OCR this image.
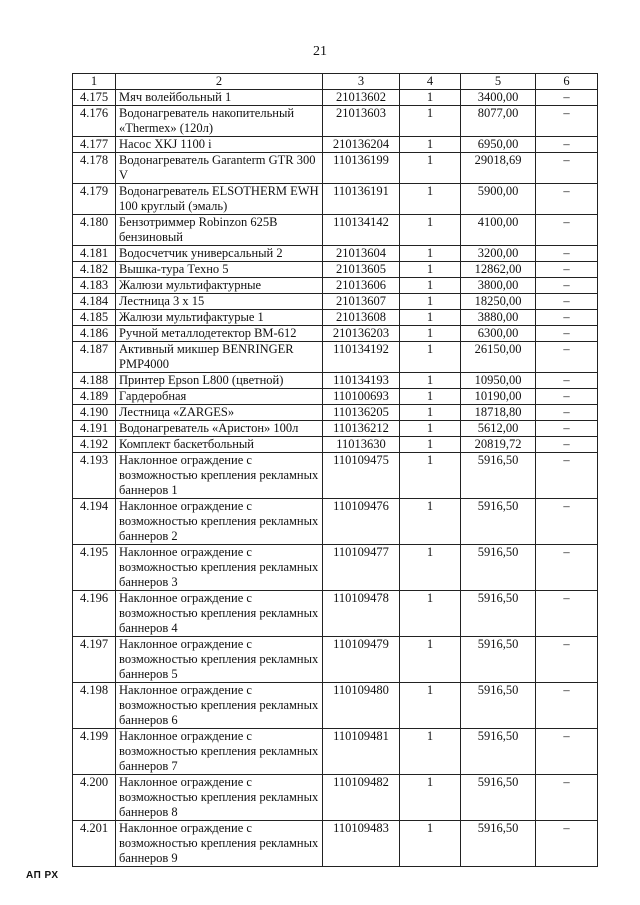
21
1	2	3	4	5	6
4.175	Мяч волейбольный 1	21013602	1	3400,00	–
4.176	Водонагреватель накопительный «Thermex» (120л)	21013603	1	8077,00	–
4.177	Насос XKJ 1100 i	210136204	1	6950,00	–
4.178	Водонагреватель Garanterm GTR 300 V	110136199	1	29018,69	–
4.179	Водонагреватель ELSOTHERM EWH 100 круглый (эмаль)	110136191	1	5900,00	–
4.180	Бензотриммер Robinzon 625B бензиновый	110134142	1	4100,00	–
4.181	Водосчетчик универсальный 2	21013604	1	3200,00	–
4.182	Вышка-тура Техно 5	21013605	1	12862,00	–
4.183	Жалюзи мультифактурные	21013606	1	3800,00	–
4.184	Лестница 3 х 15	21013607	1	18250,00	–
4.185	Жалюзи мультифактурые 1	21013608	1	3880,00	–
4.186	Ручной металлодетектор ВМ-612	210136203	1	6300,00	–
4.187	Активный микшер BENRINGER PMP4000	110134192	1	26150,00	–
4.188	Принтер Epson L800 (цветной)	110134193	1	10950,00	–
4.189	Гардеробная	110100693	1	10190,00	–
4.190	Лестница «ZARGES»	110136205	1	18718,80	–
4.191	Водонагреватель «Аристон» 100л	110136212	1	5612,00	–
4.192	Комплект баскетбольный	11013630	1	20819,72	–
4.193	Наклонное ограждение с возможностью крепления рекламных баннеров 1	110109475	1	5916,50	–
4.194	Наклонное ограждение с возможностью крепления рекламных баннеров 2	110109476	1	5916,50	–
4.195	Наклонное ограждение с возможностью крепления рекламных баннеров 3	110109477	1	5916,50	–
4.196	Наклонное ограждение с возможностью крепления рекламных баннеров 4	110109478	1	5916,50	–
4.197	Наклонное ограждение с возможностью крепления рекламных баннеров 5	110109479	1	5916,50	–
4.198	Наклонное ограждение с возможностью крепления рекламных баннеров 6	110109480	1	5916,50	–
4.199	Наклонное ограждение с возможностью крепления рекламных баннеров 7	110109481	1	5916,50	–
4.200	Наклонное ограждение с возможностью крепления рекламных баннеров 8	110109482	1	5916,50	–
4.201	Наклонное ограждение с возможностью крепления рекламных баннеров 9	110109483	1	5916,50	–
АП РХ
